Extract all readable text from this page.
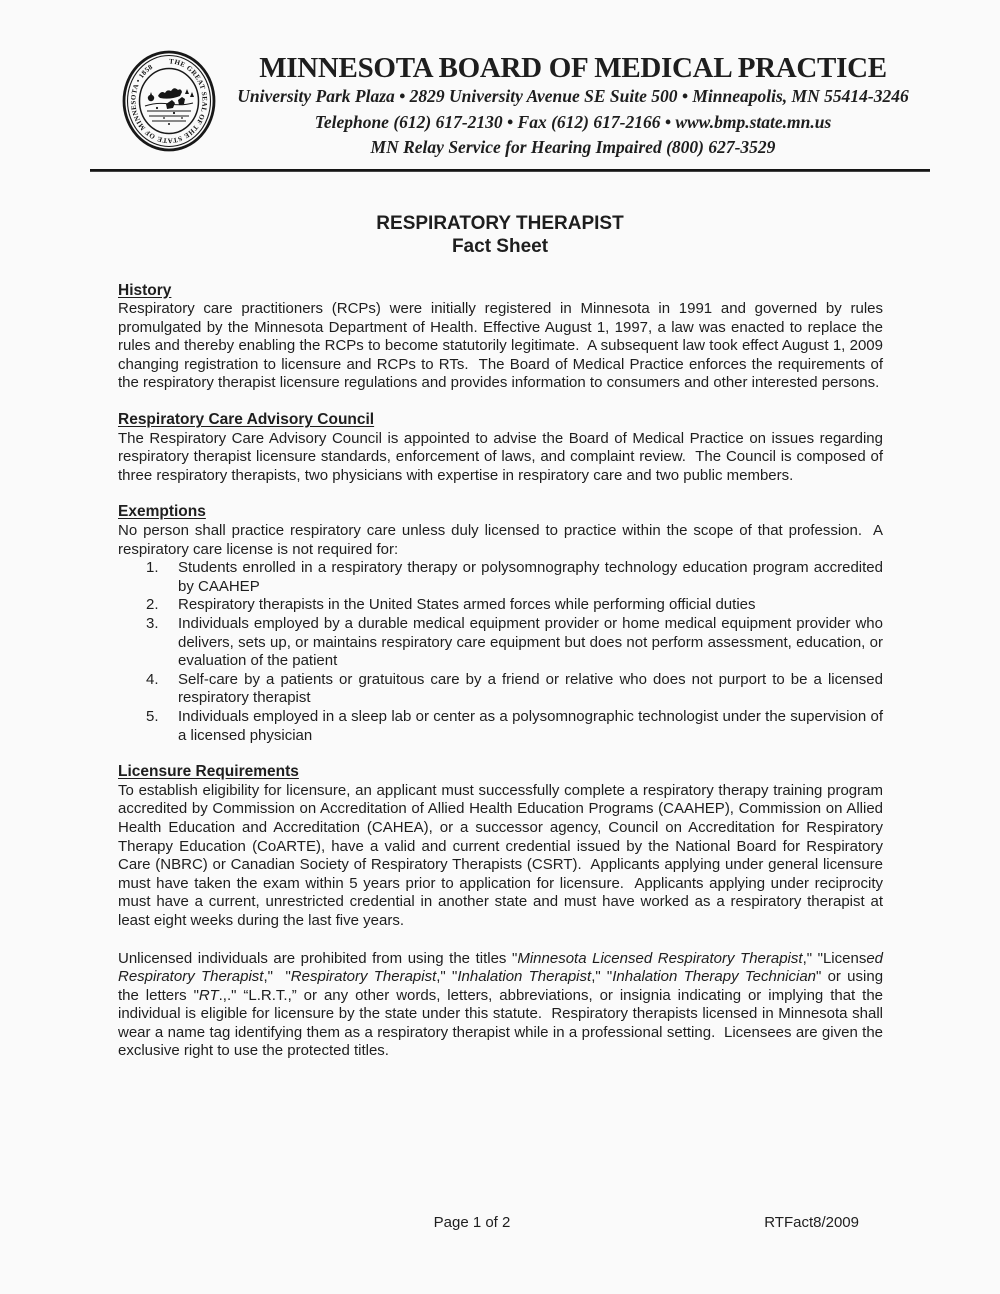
THE GREAT SEAL OF THE STATE OF MINNESOTA • 1858	MINNESOTA BOARD OF MEDICAL PRACTICE
University Park Plaza • 2829 University Avenue SE Suite 500 • Minneapolis, MN 55414-3246
Telephone (612) 617-2130 • Fax (612) 617-2166 • www.bmp.state.mn.us
MN Relay Service for Hearing Impaired (800) 627-3529
RESPIRATORY THERAPIST
Fact Sheet
History

Respiratory care practitioners (RCPs) were initially registered in Minnesota in 1991 and governed by rules promulgated by the Minnesota Department of Health. Effective August 1, 1997, a law was enacted to replace the rules and thereby enabling the RCPs to become statutorily legitimate.  A subsequent law took effect August 1, 2009 changing registration to licensure and RCPs to RTs.  The Board of Medical Practice enforces the requirements of the respiratory therapist licensure regulations and provides information to consumers and other interested persons.

Respiratory Care Advisory Council

The Respiratory Care Advisory Council is appointed to advise the Board of Medical Practice on issues regarding respiratory therapist licensure standards, enforcement of laws, and complaint review.  The Council is composed of three respiratory therapists, two physicians with expertise in respiratory care and two public members.

Exemptions

No person shall practice respiratory care unless duly licensed to practice within the scope of that profession.  A respiratory care license is not required for:

1. Students enrolled in a respiratory therapy or polysomnography technology education program accredited by CAAHEP
2. Respiratory therapists in the United States armed forces while performing official duties
3. Individuals employed by a durable medical equipment provider or home medical equipment provider who delivers, sets up, or maintains respiratory care equipment but does not perform assessment, education, or evaluation of the patient
4. Self-care by a patients or gratuitous care by a friend or relative who does not purport to be a licensed respiratory therapist
5. Individuals employed in a sleep lab or center as a polysomnographic technologist under the supervision of a licensed physician
Licensure Requirements

To establish eligibility for licensure, an applicant must successfully complete a respiratory therapy training program accredited by Commission on Accreditation of Allied Health Education Programs (CAAHEP), Commission on Allied Health Education and Accreditation (CAHEA), or a successor agency, Council on Accreditation for Respiratory Therapy Education (CoARTE), have a valid and current credential issued by the National Board for Respiratory Care (NBRC) or Canadian Society of Respiratory Therapists (CSRT).  Applicants applying under general licensure must have taken the exam within 5 years prior to application for licensure.  Applicants applying under reciprocity must have a current, unrestricted credential in another state and must have worked as a respiratory therapist at least eight weeks during the last five years.

Unlicensed individuals are prohibited from using the titles "Minnesota Licensed Respiratory Therapist," "Licensed Respiratory Therapist,"  "Respiratory Therapist," "Inhalation Therapist," "Inhalation Therapy Technician" or using the letters "RT.,." “L.R.T.,” or any other words, letters, abbreviations, or insignia indicating or implying that the individual is eligible for licensure by the state under this statute.  Respiratory therapists licensed in Minnesota shall wear a name tag identifying them as a respiratory therapist while in a professional setting.  Licensees are given the exclusive right to use the protected titles.

Page 1 of 2	RTFact8/2009
